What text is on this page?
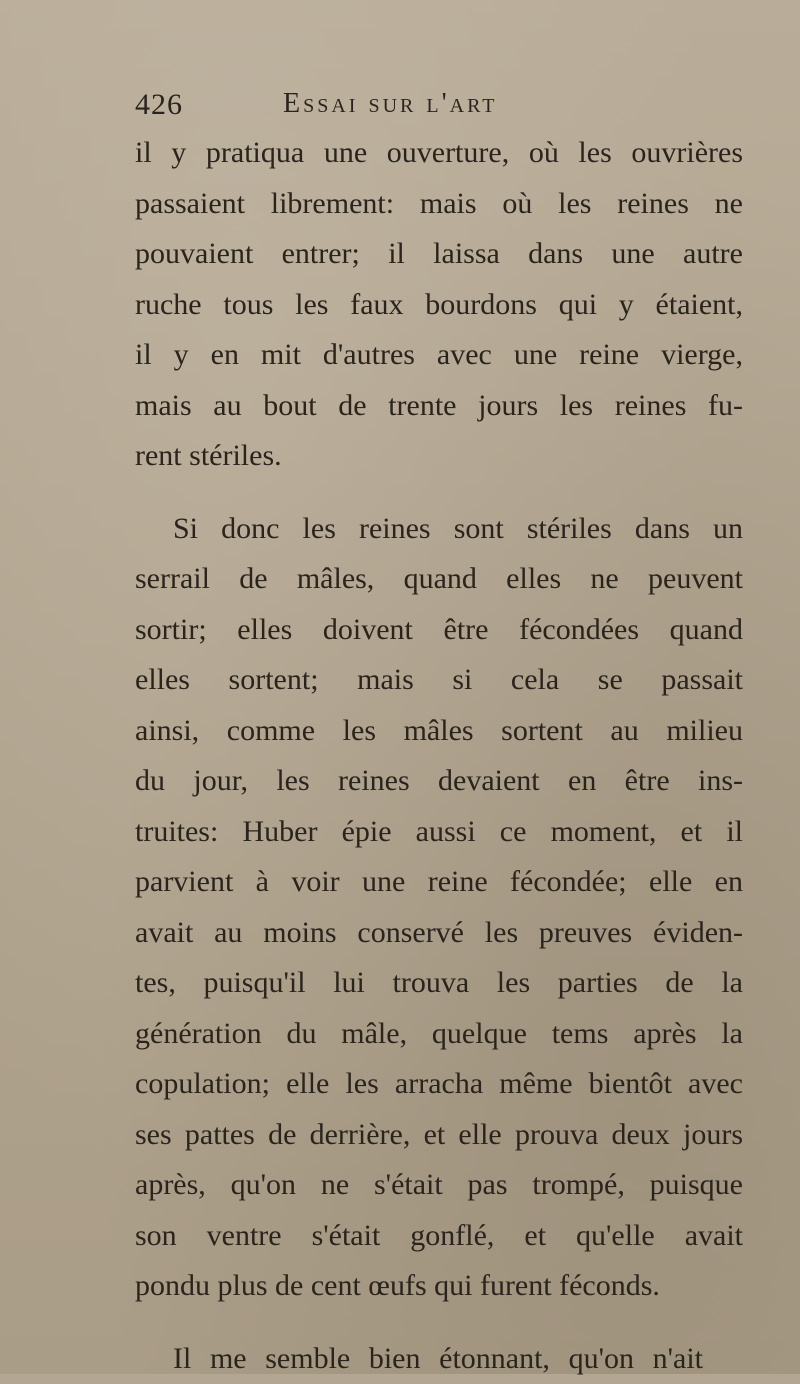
426	Essai sur l'art
il y pratiqua une ouverture, où les ouvrières
passaient librement: mais où les reines ne
pouvaient entrer; il laissa dans une autre
ruche tous les faux bourdons qui y étaient,
il y en mit d'autres avec une reine vierge,
mais au bout de trente jours les reines fu-
rent stériles.
Si donc les reines sont stériles dans un
serrail de mâles, quand elles ne peuvent
sortir; elles doivent être fécondées quand
elles sortent; mais si cela se passait
ainsi, comme les mâles sortent au milieu
du jour, les reines devaient en être ins-
truites: Huber épie aussi ce moment, et il
parvient à voir une reine fécondée; elle en
avait au moins conservé les preuves éviden-
tes, puisqu'il lui trouva les parties de la
génération du mâle, quelque tems après la
copulation; elle les arracha même bientôt avec
ses pattes de derrière, et elle prouva deux jours
après, qu'on ne s'était pas trompé, puisque
son ventre s'était gonflé, et qu'elle avait
pondu plus de cent œufs qui furent féconds.
Il me semble bien étonnant, qu'on n'ait
